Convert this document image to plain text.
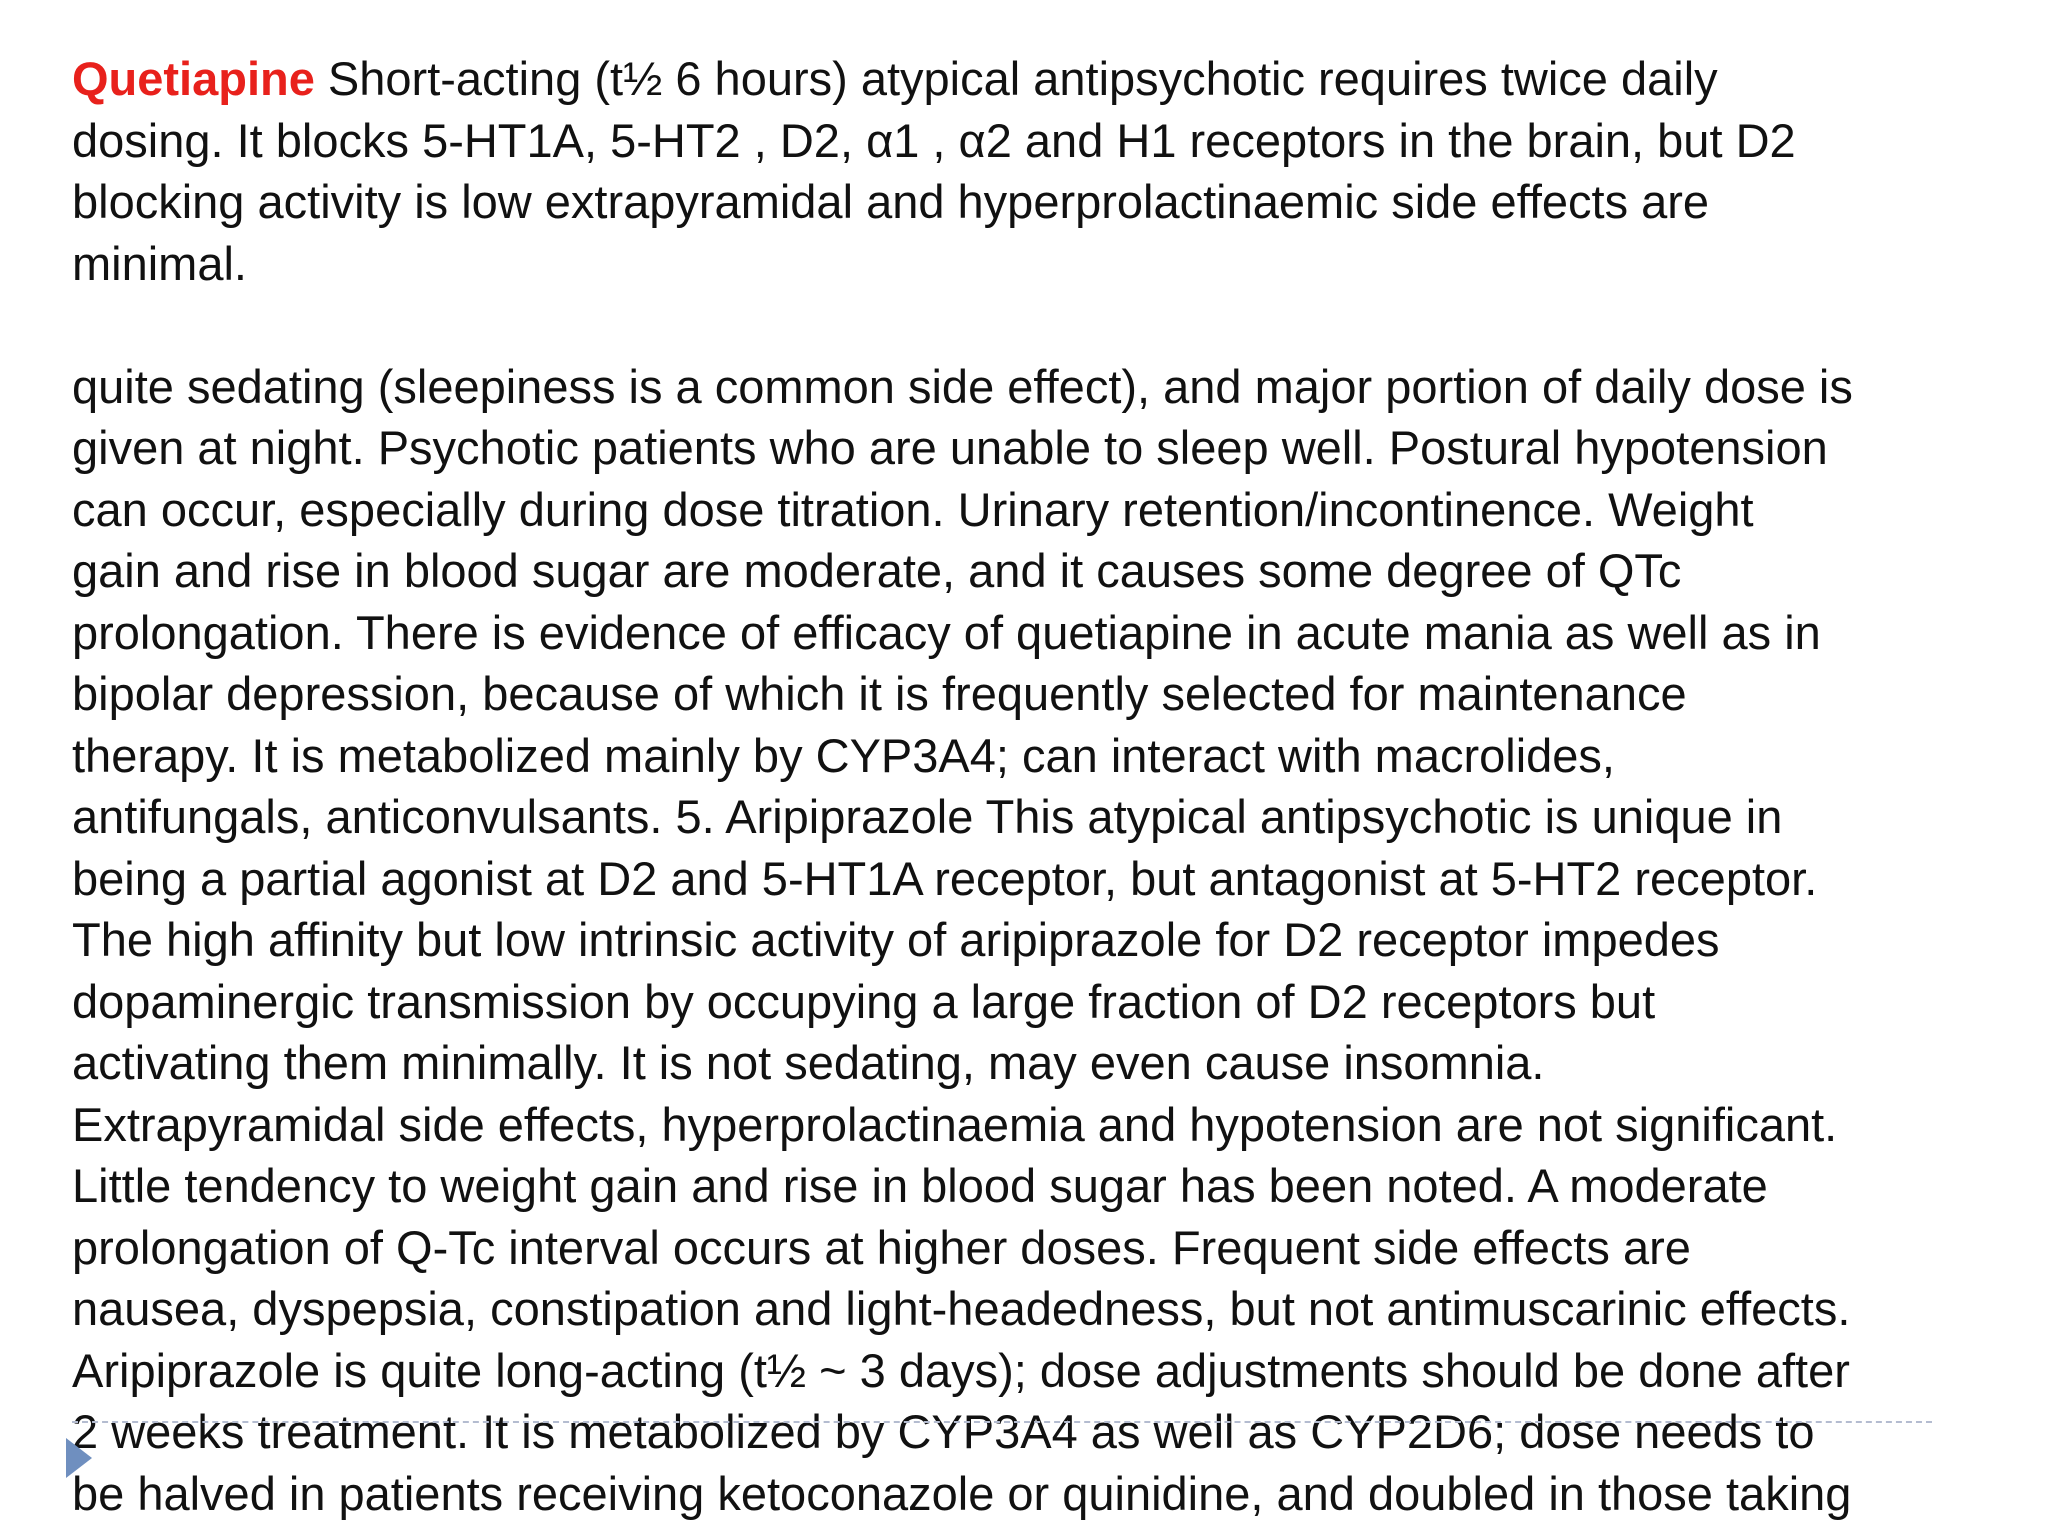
Quetiapine Short-acting (t½ 6 hours) atypical antipsychotic requires twice daily
dosing. It blocks 5-HT1A, 5-HT2 , D2, α1 , α2 and H1 receptors in the brain, but D2
blocking activity is low extrapyramidal and hyperprolactinaemic side effects are
minimal.
quite sedating (sleepiness is a common side effect), and major portion of daily dose is
given at night. Psychotic patients who are unable to sleep well. Postural hypotension
can occur, especially during dose titration. Urinary retention/incontinence. Weight
gain and rise in blood sugar are moderate, and it causes some degree of QTc
prolongation. There is evidence of efficacy of quetiapine in acute mania as well as in
bipolar depression, because of which it is frequently selected for maintenance
therapy. It is metabolized mainly by CYP3A4; can interact with macrolides,
antifungals, anticonvulsants. 5. Aripiprazole This atypical antipsychotic is unique in
being a partial agonist at D2 and 5-HT1A receptor, but antagonist at 5-HT2 receptor.
The high affinity but low intrinsic activity of aripiprazole for D2 receptor impedes
dopaminergic transmission by occupying a large fraction of D2 receptors but
activating them minimally. It is not sedating, may even cause insomnia.
Extrapyramidal side effects, hyperprolactinaemia and hypotension are not significant.
Little tendency to weight gain and rise in blood sugar has been noted. A moderate
prolongation of Q-Tc interval occurs at higher doses. Frequent side effects are
nausea, dyspepsia, constipation and light-headedness, but not antimuscarinic effects.
Aripiprazole is quite long-acting (t½ ~ 3 days); dose adjustments should be done after
2 weeks treatment. It is metabolized by CYP3A4 as well as CYP2D6; dose needs to
be halved in patients receiving ketoconazole or quinidine, and doubled in those taking
